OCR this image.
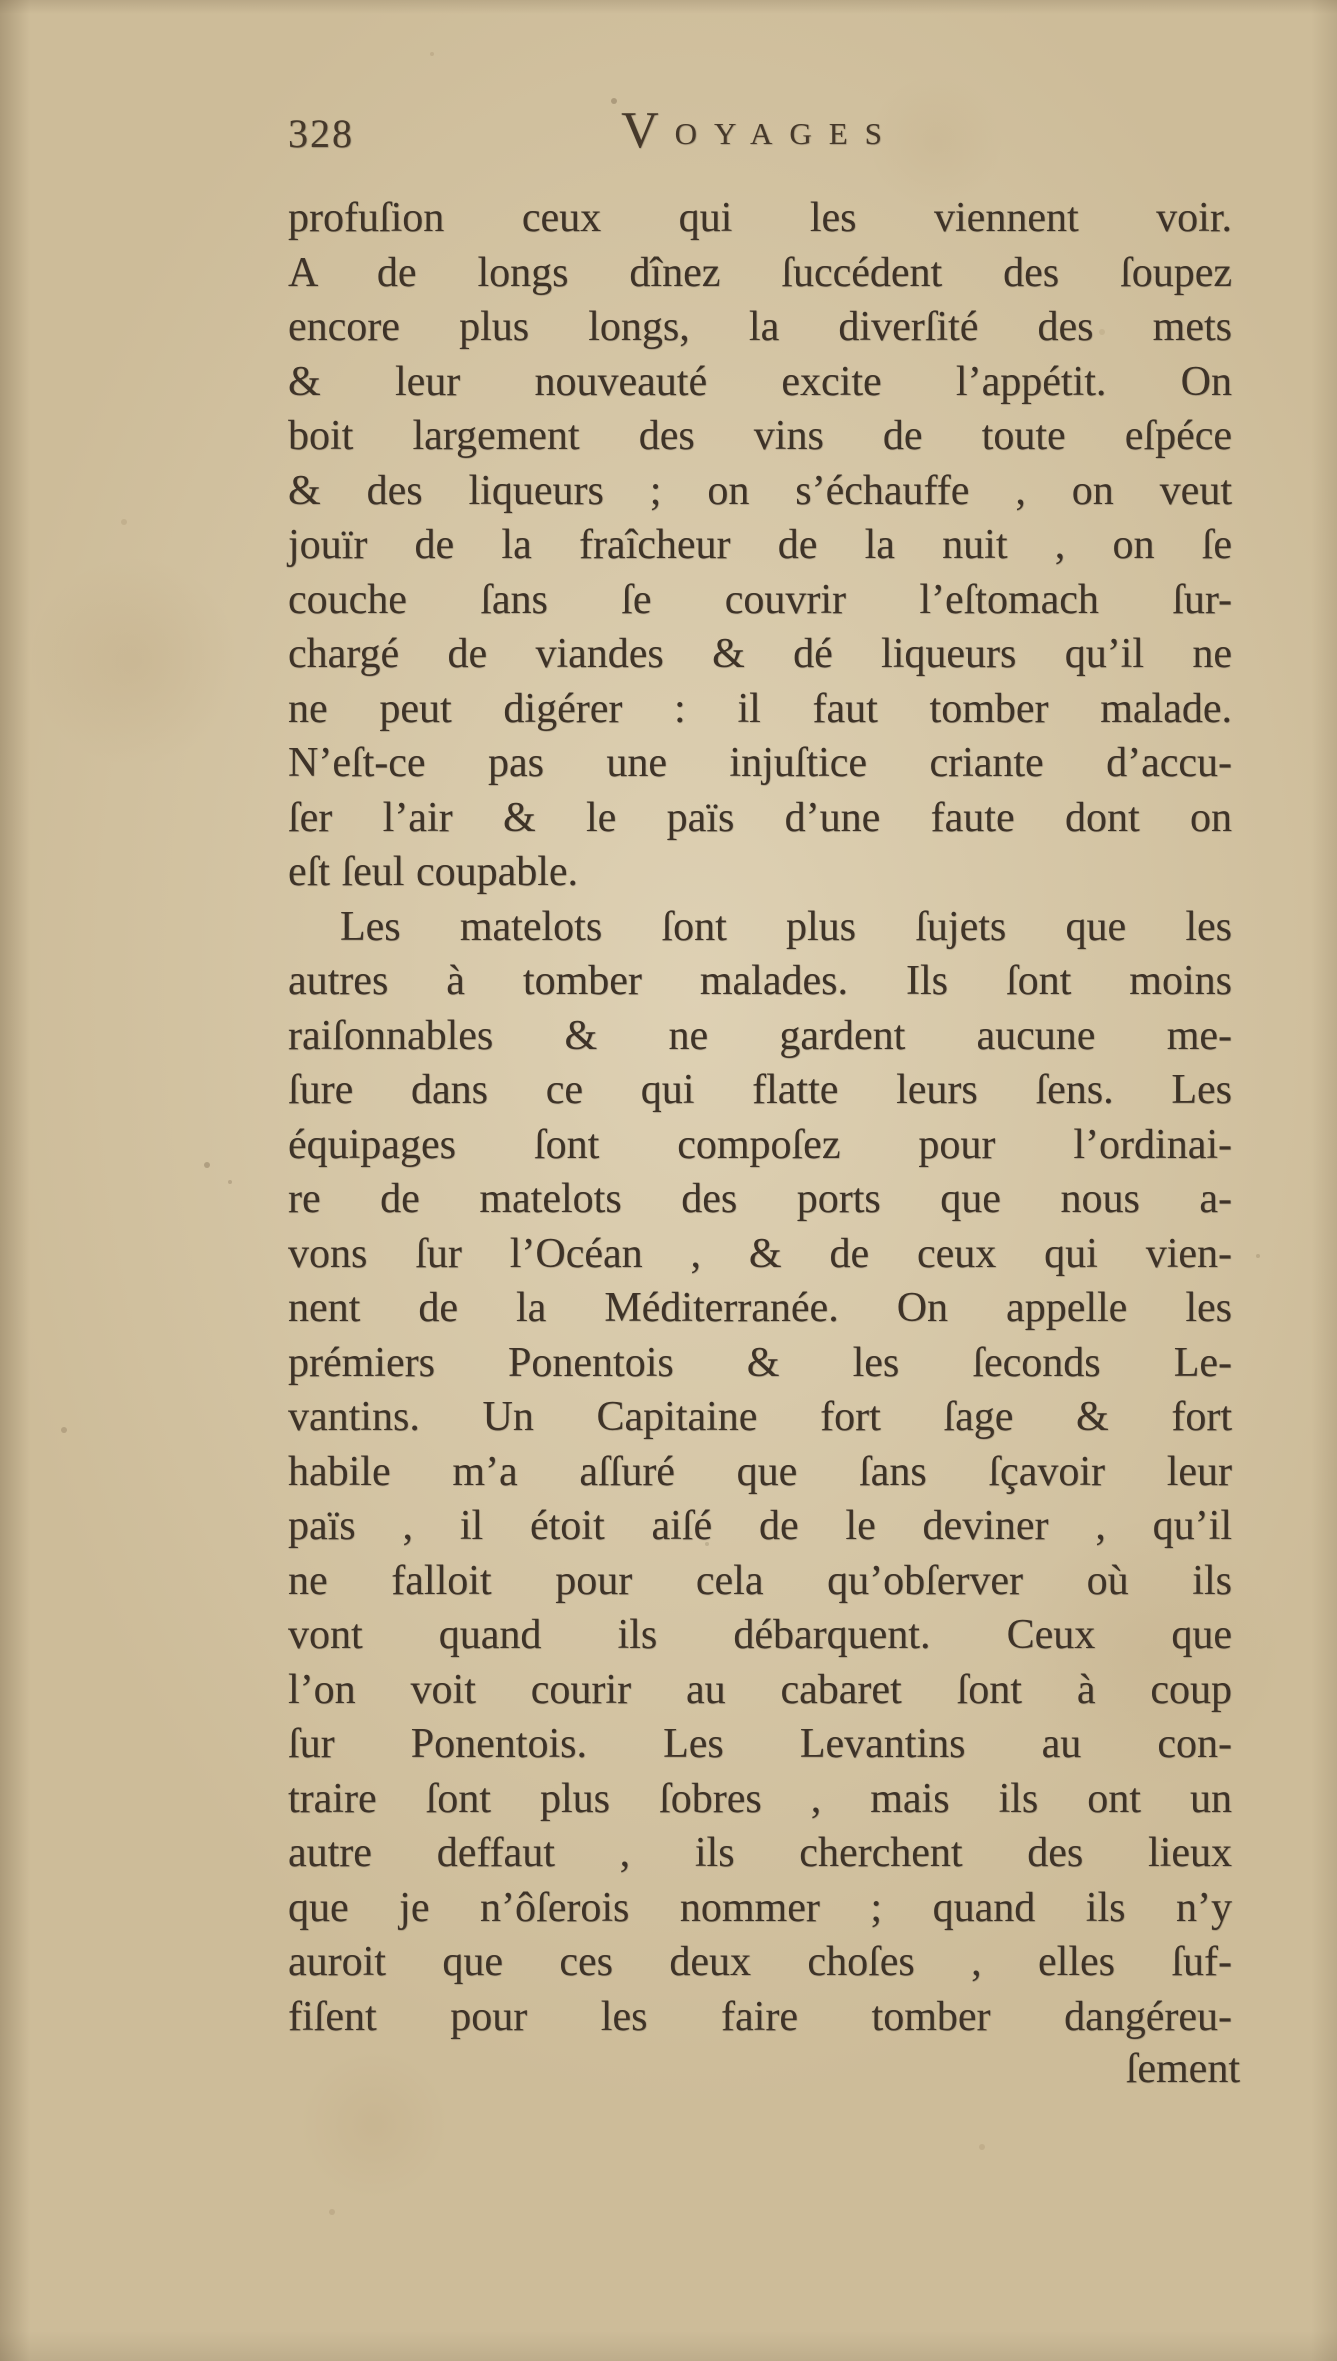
328	VOYAGES
profuſion ceux qui les viennent voir.
A de longs dînez ſuccédent des ſoupez
encore plus longs, la diverſité des mets
& leur nouveauté excite l’appétit. On
boit largement des vins de toute eſpéce
& des liqueurs ; on s’échauffe , on veut
jouïr de la fraîcheur de la nuit , on ſe
couche ſans ſe couvrir l’eſtomach ſur-
chargé de viandes & dé liqueurs qu’il ne
ne peut digérer : il faut tomber malade.
N’eſt-ce pas une injuſtice criante d’accu-
ſer l’air & le païs d’une faute dont on
eſt ſeul coupable.
Les matelots ſont plus ſujets que les
autres à tomber malades. Ils ſont moins
raiſonnables & ne gardent aucune me-
ſure dans ce qui flatte leurs ſens. Les
équipages ſont compoſez pour l’ordinai-
re de matelots des ports que nous a-
vons ſur l’Océan , & de ceux qui vien-
nent de la Méditerranée. On appelle les
prémiers Ponentois & les ſeconds Le-
vantins. Un Capitaine fort ſage & fort
habile m’a aſſuré que ſans ſçavoir leur
païs , il étoit aiſé de le deviner , qu’il
ne falloit pour cela qu’obſerver où ils
vont quand ils débarquent. Ceux que
l’on voit courir au cabaret ſont à coup
ſur Ponentois. Les Levantins au con-
traire ſont plus ſobres , mais ils ont un
autre deffaut , ils cherchent des lieux
que je n’ôſerois nommer ; quand ils n’y
auroit que ces deux choſes , elles ſuf-
fiſent pour les faire tomber dangéreu-
ſement
